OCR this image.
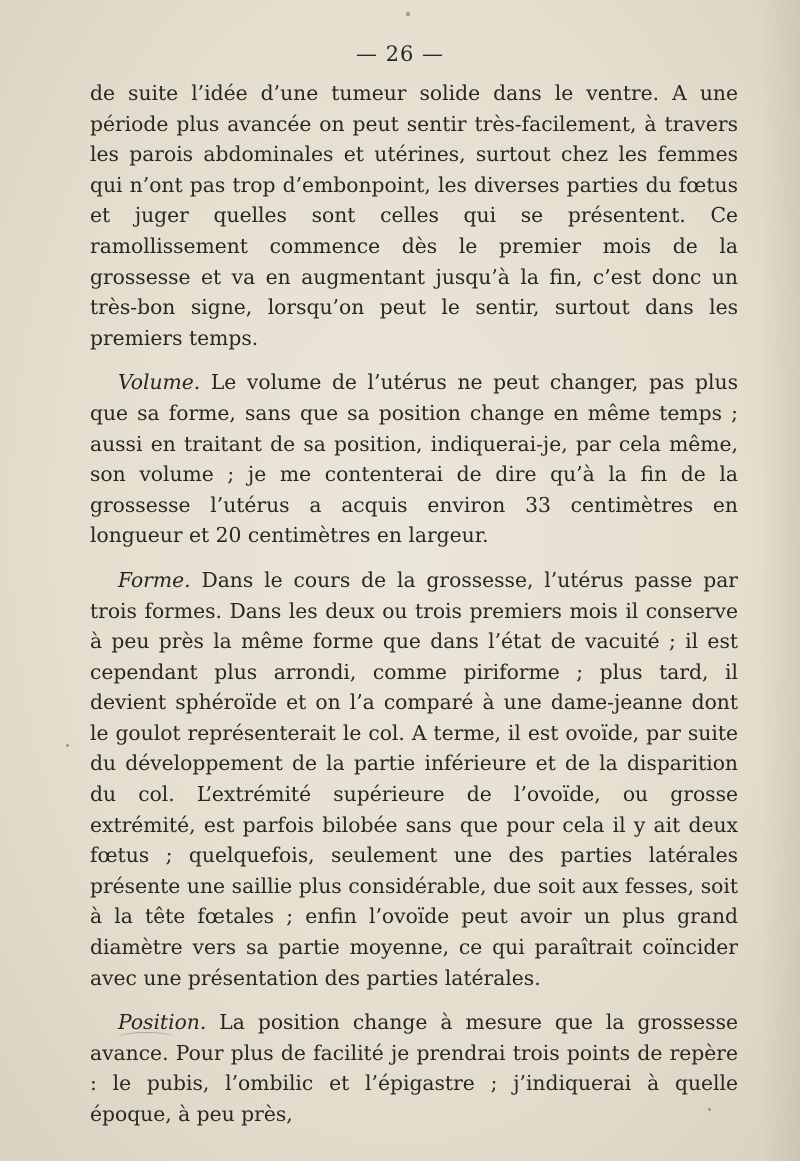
— 26 —

de suite l’idée d’une tumeur solide dans le ventre. A une période plus avancée on peut sentir très-facilement, à travers les parois abdominales et utérines, surtout chez les femmes qui n’ont pas trop d’embonpoint, les diverses parties du fœtus et juger quelles sont celles qui se présentent. Ce ramollissement commence dès le premier mois de la grossesse et va en augmentant jusqu’à la fin, c’est donc un très-bon signe, lorsqu’on peut le sentir, surtout dans les premiers temps.

Volume. Le volume de l’utérus ne peut changer, pas plus que sa forme, sans que sa position change en même temps ; aussi en traitant de sa position, indiquerai-je, par cela même, son volume ; je me contenterai de dire qu’à la fin de la grossesse l’utérus a acquis environ 33 centimètres en longueur et 20 centimètres en largeur.

Forme. Dans le cours de la grossesse, l’utérus passe par trois formes. Dans les deux ou trois premiers mois il conserve à peu près la même forme que dans l’état de vacuité ; il est cependant plus arrondi, comme piriforme ; plus tard, il devient sphéroïde et on l’a comparé à une dame-jeanne dont le goulot représenterait le col. A terme, il est ovoïde, par suite du développement de la partie inférieure et de la disparition du col. L’extrémité supérieure de l’ovoïde, ou grosse extrémité, est parfois bilobée sans que pour cela il y ait deux fœtus ; quelquefois, seulement une des parties latérales présente une saillie plus considérable, due soit aux fesses, soit à la tête fœtales ; enfin l’ovoïde peut avoir un plus grand diamètre vers sa partie moyenne, ce qui paraîtrait coïncider avec une présentation des parties latérales.

Position. La position change à mesure que la grossesse avance. Pour plus de facilité je prendrai trois points de repère : le pubis, l’ombilic et l’épigastre ; j’indiquerai à quelle époque, à peu près,
